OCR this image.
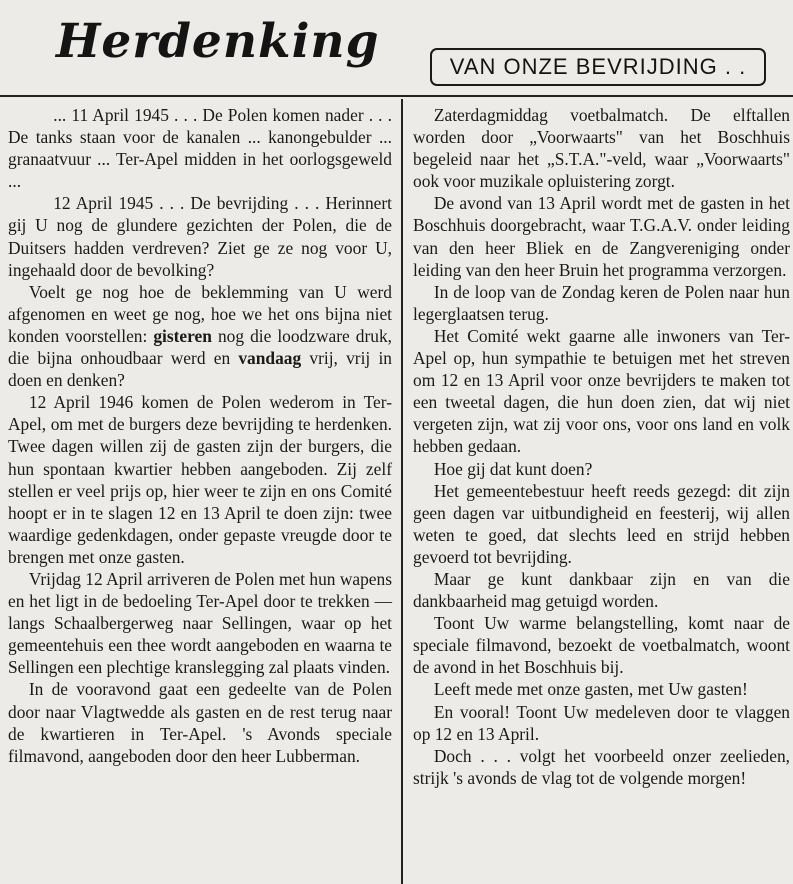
Herdenking	VAN ONZE BEVRIJDING . .

... 11 April 1945 . . . De Polen komen nader . . . De tanks staan voor de kanalen ... kanongebulder ... granaatvuur ... Ter-Apel midden in het oorlogsgeweld ...

12 April 1945 . . . De bevrijding . . . Herinnert gij U nog de glundere gezichten der Polen, die de Duitsers hadden verdreven? Ziet ge ze nog voor U, ingehaald door de bevolking?

Voelt ge nog hoe de beklemming van U werd afgenomen en weet ge nog, hoe we het ons bijna niet konden voorstellen: gisteren nog die loodzware druk, die bijna onhoudbaar werd en vandaag vrij, vrij in doen en denken?

12 April 1946 komen de Polen wederom in Ter-Apel, om met de burgers deze bevrijding te herdenken. Twee dagen willen zij de gasten zijn der burgers, die hun spontaan kwartier hebben aangeboden. Zij zelf stellen er veel prijs op, hier weer te zijn en ons Comité hoopt er in te slagen 12 en 13 April te doen zijn: twee waardige gedenkdagen, onder gepaste vreugde door te brengen met onze gasten.

Vrijdag 12 April arriveren de Polen met hun wapens en het ligt in de bedoeling Ter-Apel door te trekken — langs Schaalbergerweg naar Sellingen, waar op het gemeentehuis een thee wordt aangeboden en waarna te Sellingen een plechtige kranslegging zal plaats vinden.

In de vooravond gaat een gedeelte van de Polen door naar Vlagtwedde als gasten en de rest terug naar de kwartieren in Ter-Apel. 's Avonds speciale filmavond, aangeboden door den heer Lubberman.

Zaterdagmiddag voetbalmatch. De elftallen worden door „Voorwaarts" van het Boschhuis begeleid naar het „S.T.A."-veld, waar „Voorwaarts" ook voor muzikale opluistering zorgt.

De avond van 13 April wordt met de gasten in het Boschhuis doorgebracht, waar T.G.A.V. onder leiding van den heer Bliek en de Zangvereniging onder leiding van den heer Bruin het programma verzorgen.

In de loop van de Zondag keren de Polen naar hun legerglaatsen terug.

Het Comité wekt gaarne alle inwoners van Ter-Apel op, hun sympathie te betuigen met het streven om 12 en 13 April voor onze bevrijders te maken tot een tweetal dagen, die hun doen zien, dat wij niet vergeten zijn, wat zij voor ons, voor ons land en volk hebben gedaan.

Hoe gij dat kunt doen?

Het gemeentebestuur heeft reeds gezegd: dit zijn geen dagen var uitbundigheid en feesterij, wij allen weten te goed, dat slechts leed en strijd hebben gevoerd tot bevrijding.

Maar ge kunt dankbaar zijn en van die dankbaarheid mag getuigd worden.

Toont Uw warme belangstelling, komt naar de speciale filmavond, bezoekt de voetbalmatch, woont de avond in het Boschhuis bij.

Leeft mede met onze gasten, met Uw gasten!

En vooral! Toont Uw medeleven door te vlaggen op 12 en 13 April.

Doch . . . volgt het voorbeeld onzer zeelieden, strijk 's avonds de vlag tot de volgende morgen!
